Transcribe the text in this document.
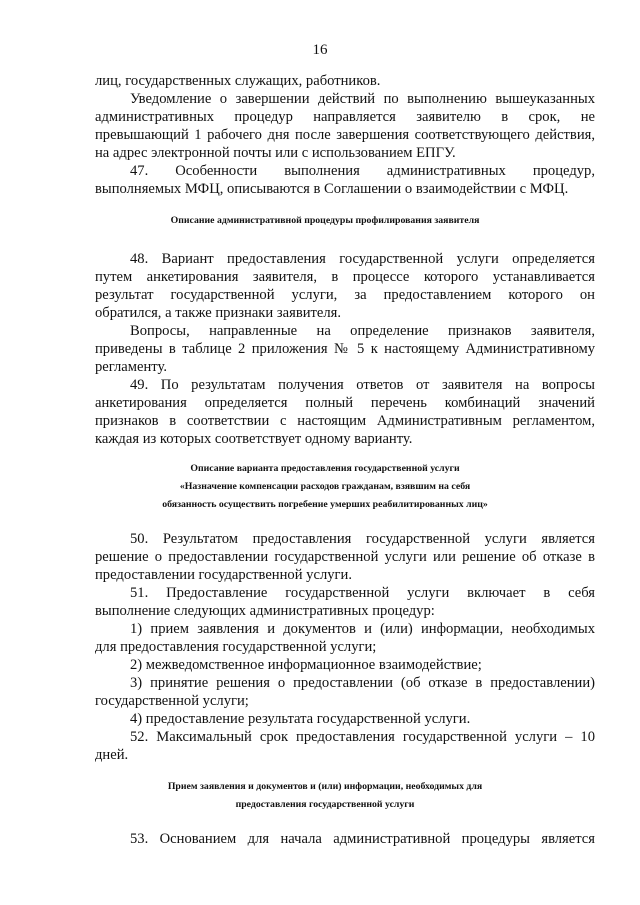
16
лиц, государственных служащих, работников.
Уведомление о завершении действий по выполнению вышеуказанных
административных процедур направляется заявителю в срок, не
превышающий 1 рабочего дня после завершения соответствующего действия,
на адрес электронной почты или с использованием ЕПГУ.
47. Особенности выполнения административных процедур,
выполняемых МФЦ, описываются в Соглашении о взаимодействии с МФЦ.
Описание административной процедуры профилирования заявителя
48. Вариант предоставления государственной услуги определяется
путем анкетирования заявителя, в процессе которого устанавливается
результат государственной услуги, за предоставлением которого он
обратился, а также признаки заявителя.
Вопросы, направленные на определение признаков заявителя,
приведены в таблице 2 приложения № 5 к настоящему Административному
регламенту.
49. По результатам получения ответов от заявителя на вопросы
анкетирования определяется полный перечень комбинаций значений
признаков в соответствии с настоящим Административным регламентом,
каждая из которых соответствует одному варианту.
Описание варианта предоставления государственной услуги
«Назначение компенсации расходов гражданам, взявшим на себя
обязанность осуществить погребение умерших реабилитированных лиц»
50. Результатом предоставления государственной услуги является
решение о предоставлении государственной услуги или решение об отказе в
предоставлении государственной услуги.
51. Предоставление государственной услуги включает в себя
выполнение следующих административных процедур:
1) прием заявления и документов и (или) информации, необходимых
для предоставления государственной услуги;
2) межведомственное информационное взаимодействие;
3) принятие решения о предоставлении (об отказе в предоставлении)
государственной услуги;
4) предоставление результата государственной услуги.
52. Максимальный срок предоставления государственной услуги – 10
дней.
Прием заявления и документов и (или) информации, необходимых для
предоставления государственной услуги
53. Основанием для начала административной процедуры является
